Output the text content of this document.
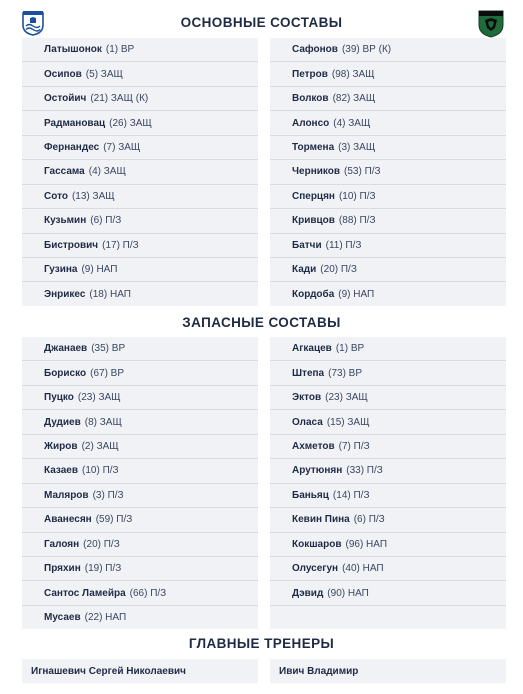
ОСНОВНЫЕ СОСТАВЫ
Латышонок (1) ВР
Осипов (5) ЗАЩ
Остойич (21) ЗАЩ (К)
Радмановац (26) ЗАЩ
Фернандес (7) ЗАЩ
Гассама (4) ЗАЩ
Сото (13) ЗАЩ
Кузьмин (6) П/З
Бистрович (17) П/З
Гузина (9) НАП
Энрикес (18) НАП
Сафонов (39) ВР (К)
Петров (98) ЗАЩ
Волков (82) ЗАЩ
Алонсо (4) ЗАЩ
Тормена (3) ЗАЩ
Черников (53) П/З
Сперцян (10) П/З
Кривцов (88) П/З
Батчи (11) П/З
Кади (20) П/З
Кордоба (9) НАП
ЗАПАСНЫЕ СОСТАВЫ
Джанаев (35) ВР
Бориско (67) ВР
Пуцко (23) ЗАЩ
Дудиев (8) ЗАЩ
Жиров (2) ЗАЩ
Казаев (10) П/З
Маляров (3) П/З
Аванесян (59) П/З
Галоян (20) П/З
Пряхин (19) П/З
Сантос Ламейра (66) П/З
Мусаев (22) НАП
Агкацев (1) ВР
Штепа (73) ВР
Эктов (23) ЗАЩ
Оласа (15) ЗАЩ
Ахметов (7) П/З
Арутюнян (33) П/З
Баньяц (14) П/З
Кевин Пина (6) П/З
Кокшаров (96) НАП
Олусегун (40) НАП
Дэвид (90) НАП
ГЛАВНЫЕ ТРЕНЕРЫ
Игнашевич Сергей Николаевич	Ивич Владимир
